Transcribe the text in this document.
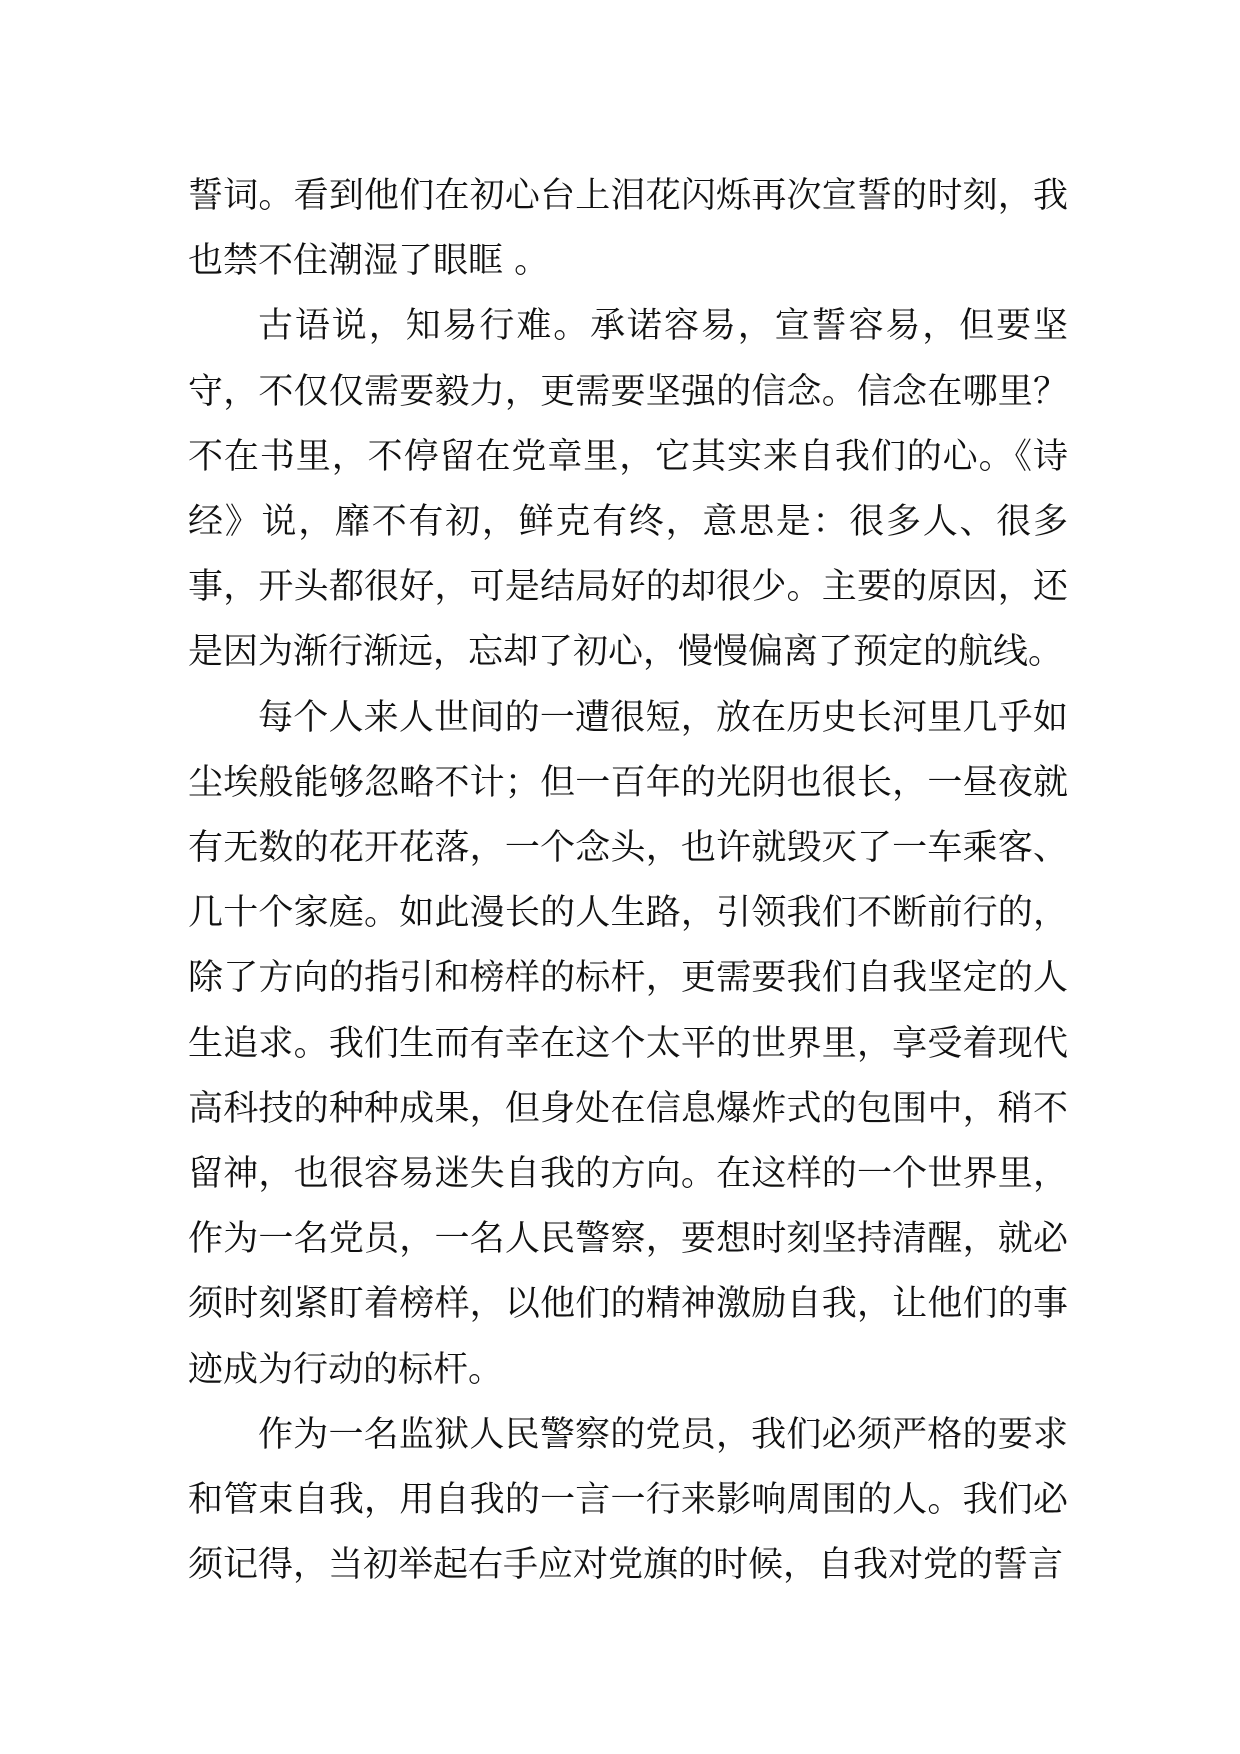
誓词。看到他们在初心台上泪花闪烁再次宣誓的时刻，我也禁不住潮湿了眼眶 。

古语说，知易行难。承诺容易，宣誓容易，但要坚守，不仅仅需要毅力，更需要坚强的信念。信念在哪里？不在书里，不停留在党章里，它其实来自我们的心。《诗经》说，靡不有初，鲜克有终，意思是：很多人、很多事，开头都很好，可是结局好的却很少。主要的原因，还是因为渐行渐远，忘却了初心，慢慢偏离了预定的航线。

每个人来人世间的一遭很短，放在历史长河里几乎如尘埃般能够忽略不计；但一百年的光阴也很长，一昼夜就有无数的花开花落，一个念头，也许就毁灭了一车乘客、几十个家庭。如此漫长的人生路，引领我们不断前行的，除了方向的指引和榜样的标杆，更需要我们自我坚定的人生追求。我们生而有幸在这个太平的世界里，享受着现代高科技的种种成果，但身处在信息爆炸式的包围中，稍不留神，也很容易迷失自我的方向。在这样的一个世界里，作为一名党员，一名人民警察，要想时刻坚持清醒，就必须时刻紧盯着榜样，以他们的精神激励自我，让他们的事迹成为行动的标杆。

作为一名监狱人民警察的党员，我们必须严格的要求和管束自我，用自我的一言一行来影响周围的人。我们必须记得，当初举起右手应对党旗的时候，自我对党的誓言
